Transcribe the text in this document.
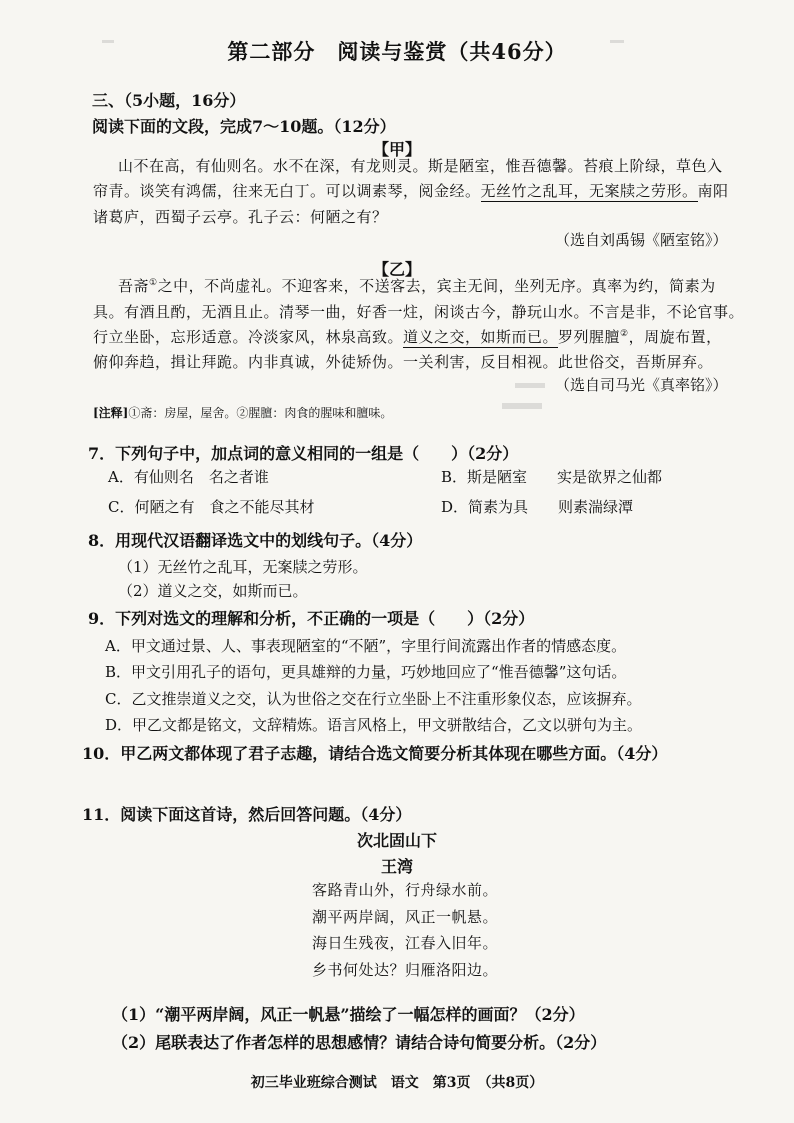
第二部分　阅读与鉴赏（共46分）
三、（5小题，16分）
阅读下面的文段，完成7～10题。（12分）
【甲】
山不在高，有仙则名。水不在深，有龙则灵。斯是陋室，惟吾德馨。苔痕上阶绿，草色入
帘青。谈笑有鸿儒，往来无白丁。可以调素琴，阅金经。无丝竹之乱耳，无案牍之劳形。南阳
诸葛庐，西蜀子云亭。孔子云：何陋之有？
（选自刘禹锡《陋室铭》）
【乙】
吾斋①之中，不尚虚礼。不迎客来，不送客去，宾主无间，坐列无序。真率为约，简素为
具。有酒且酌，无酒且止。清琴一曲，好香一炷，闲谈古今，静玩山水。不言是非，不论官事。
行立坐卧，忘形适意。冷淡家风，林泉高致。道义之交，如斯而已。罗列腥膻②，周旋布置，
俯仰奔趋，揖让拜跪。内非真诚，外徒矫伪。一关利害，反目相视。此世俗交，吾斯屏弃。
（选自司马光《真率铭》）
[注释]①斋：房屋，屋舍。②腥膻：肉食的腥味和膻味。
7．下列句子中，加点词的意义相同的一组是（　　）（2分）
A．有仙则名　名之者谁	B．斯是陋室　　实是欲界之仙都
C．何陋之有　食之不能尽其材	D．简素为具　　则素湍绿潭
8．用现代汉语翻译选文中的划线句子。（4分）
（1）无丝竹之乱耳，无案牍之劳形。
（2）道义之交，如斯而已。
9．下列对选文的理解和分析，不正确的一项是（　　）（2分）
A．甲文通过景、人、事表现陋室的“不陋”，字里行间流露出作者的情感态度。
B．甲文引用孔子的语句，更具雄辩的力量，巧妙地回应了“惟吾德馨”这句话。
C．乙文推崇道义之交，认为世俗之交在行立坐卧上不注重形象仪态，应该摒弃。
D．甲乙文都是铭文，文辞精炼。语言风格上，甲文骈散结合，乙文以骈句为主。
10．甲乙两文都体现了君子志趣，请结合选文简要分析其体现在哪些方面。（4分）
11．阅读下面这首诗，然后回答问题。（4分）
次北固山下
王湾
客路青山外，行舟绿水前。
潮平两岸阔，风正一帆悬。
海日生残夜，江春入旧年。
乡书何处达？归雁洛阳边。
（1）“潮平两岸阔，风正一帆悬”描绘了一幅怎样的画面？（2分）
（2）尾联表达了作者怎样的思想感情？请结合诗句简要分析。（2分）
初三毕业班综合测试　语文　第3页　（共8页）
